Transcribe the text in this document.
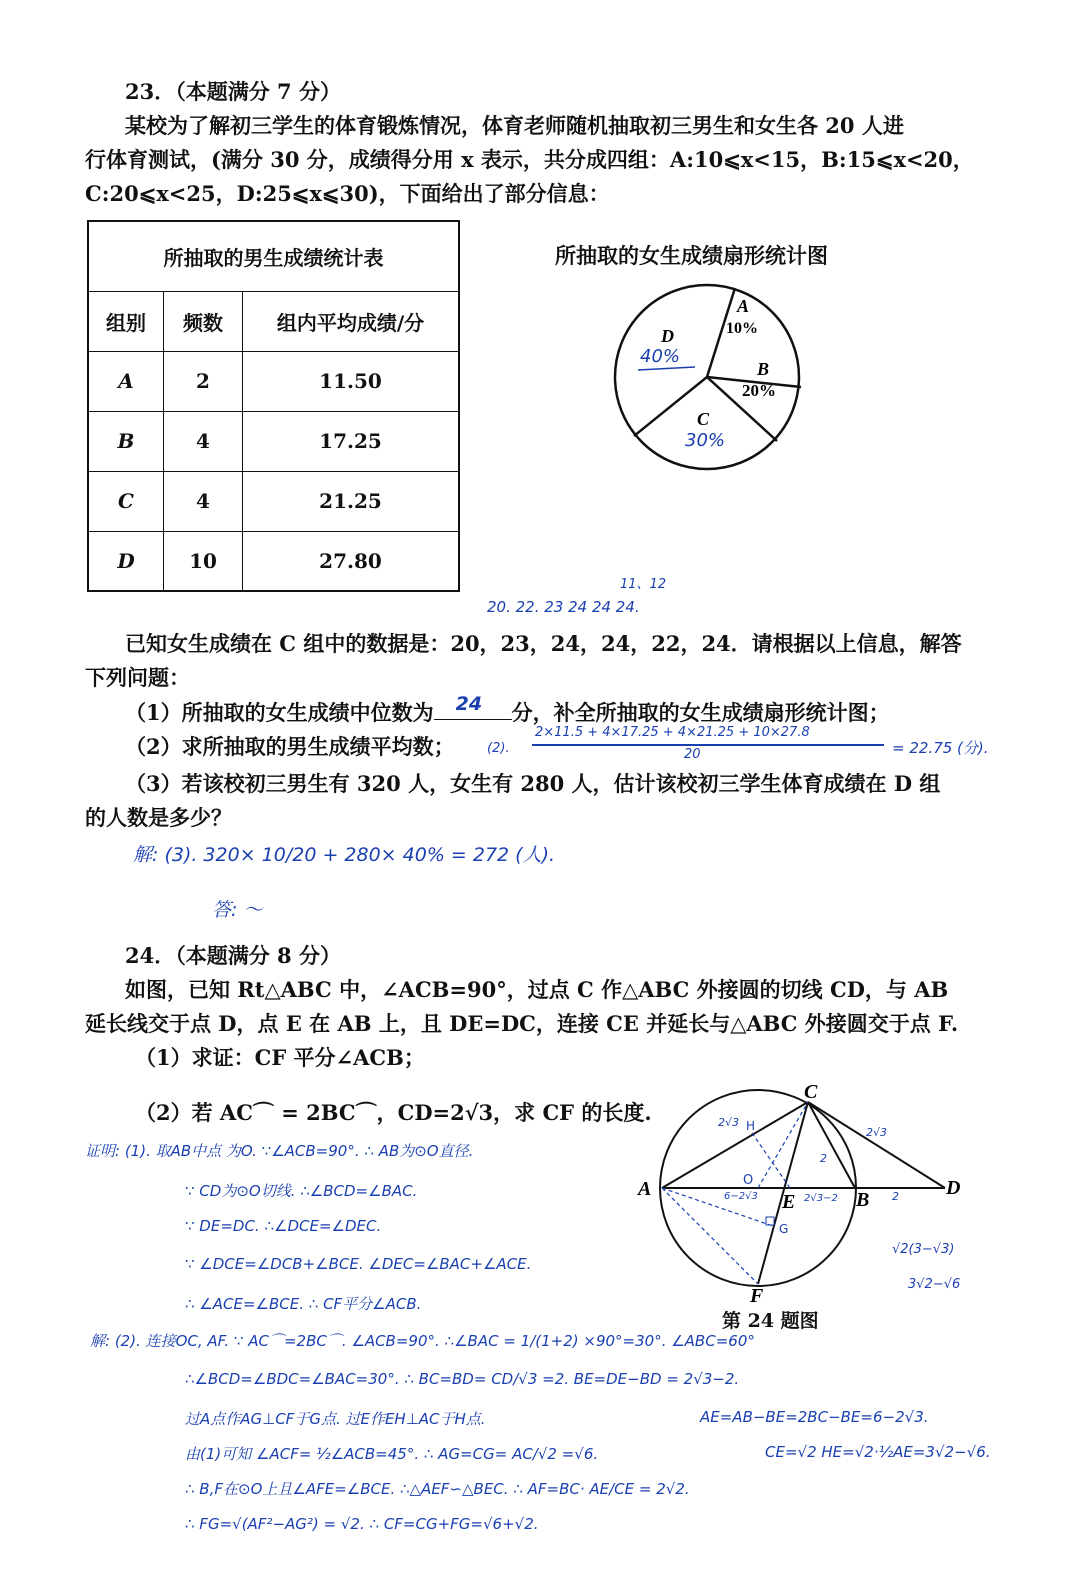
23．（本题满分 7 分）
某校为了解初三学生的体育锻炼情况，体育老师随机抽取初三男生和女生各 20 人进
行体育测试，(满分 30 分，成绩得分用 x 表示，共分成四组：A:10⩽x<15，B:15⩽x<20，
C:20⩽x<25，D:25⩽x⩽30)，下面给出了部分信息：
所抽取的男生成绩统计表		
组别	频数	组内平均成绩/分
A	2	11.50
B	4	17.25
C	4	21.25
D	10	27.80
所抽取的女生成绩扇形统计图
A
10%
B
20%
C
30%
D
40%
11、12
20. 22. 23 24 24 24.
已知女生成绩在 C 组中的数据是：20，23，24，24，22，24．请根据以上信息，解答
下列问题：
（1）所抽取的女生成绩中位数为 24 分，补全所抽取的女生成绩扇形统计图；
（2）求所抽取的男生成绩平均数； (2).
2×11.5 + 4×17.25 + 4×21.25 + 10×27.8
20	= 22.75 (分).
（3）若该校初三男生有 320 人，女生有 280 人，估计该校初三学生体育成绩在 D 组
的人数是多少？
解: (3). 320× 10/20 + 280× 40% = 272 (人).
答: ～
24．（本题满分 8 分）
如图，已知 Rt△ABC 中，∠ACB=90°，过点 C 作△ABC 外接圆的切线 CD，与 AB
延长线交于点 D，点 E 在 AB 上，且 DE=DC，连接 CE 并延长与△ABC 外接圆交于点 F.
（1）求证：CF 平分∠ACB；
（2）若 AC⌒ = 2BC⌒，CD=2√3，求 CF 的长度.
A	B
C
D
E
F
O
H
G
2√3
2√3
2
6−2√3	2√3−2	2
√2(3−√3)
3√2−√6
第 24 题图
证明: (1). 取AB中点 为O. ∵∠ACB=90°. ∴ AB为⊙O直径.
∵ CD为⊙O切线. ∴∠BCD=∠BAC.
∵ DE=DC. ∴∠DCE=∠DEC.
∵ ∠DCE=∠DCB+∠BCE. ∠DEC=∠BAC+∠ACE.
∴ ∠ACE=∠BCE. ∴ CF平分∠ACB.
解: (2). 连接OC, AF. ∵ AC⌒=2BC⌒. ∠ACB=90°. ∴∠BAC = 1/(1+2) ×90°=30°. ∠ABC=60°
∴∠BCD=∠BDC=∠BAC=30°. ∴ BC=BD= CD/√3 =2. BE=DE−BD = 2√3−2.
过A点作AG⊥CF于G点. 过E作EH⊥AC于H点.	AE=AB−BE=2BC−BE=6−2√3.
由(1)可知 ∠ACF= ½∠ACB=45°. ∴ AG=CG= AC/√2 =√6.	CE=√2 HE=√2·½AE=3√2−√6.
∴ B,F在⊙O上且∠AFE=∠BCE. ∴△AEF∽△BEC. ∴ AF=BC· AE/CE = 2√2.
∴ FG=√(AF²−AG²) = √2. ∴ CF=CG+FG=√6+√2.
